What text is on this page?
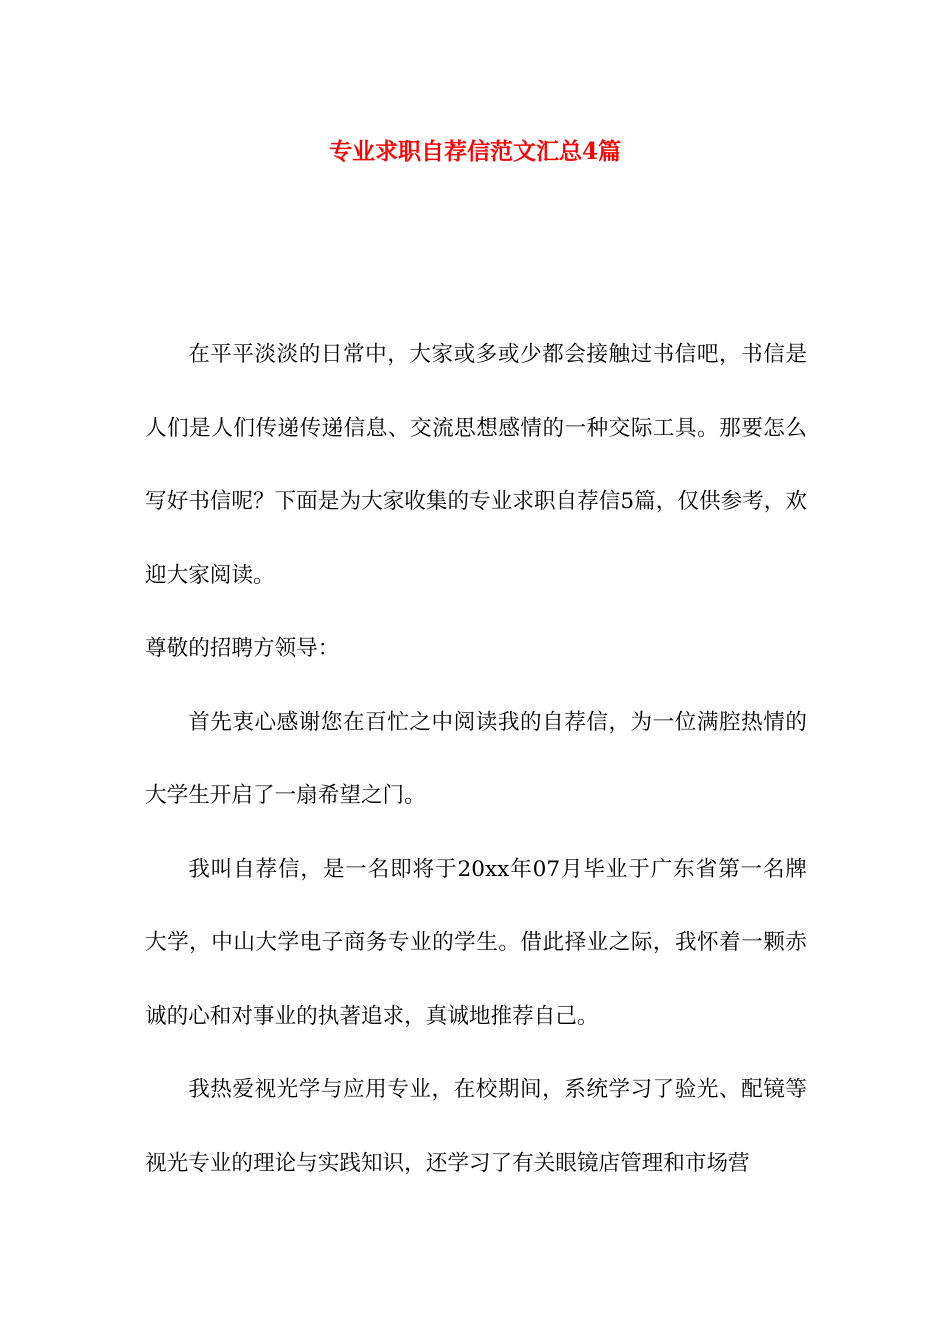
专业求职自荐信范文汇总4篇

在平平淡淡的日常中，大家或多或少都会接触过书信吧，书信是人们是人们传递传递信息、交流思想感情的一种交际工具。那要怎么写好书信呢？下面是为大家收集的专业求职自荐信5篇，仅供参考，欢迎大家阅读。

尊敬的招聘方领导：

首先衷心感谢您在百忙之中阅读我的自荐信，为一位满腔热情的大学生开启了一扇希望之门。

我叫自荐信，是一名即将于20xx年07月毕业于广东省第一名牌大学，中山大学电子商务专业的学生。借此择业之际，我怀着一颗赤诚的心和对事业的执著追求，真诚地推荐自己。

我热爱视光学与应用专业，在校期间，系统学习了验光、配镜等视光专业的理论与实践知识，还学习了有关眼镜店管理和市场营
